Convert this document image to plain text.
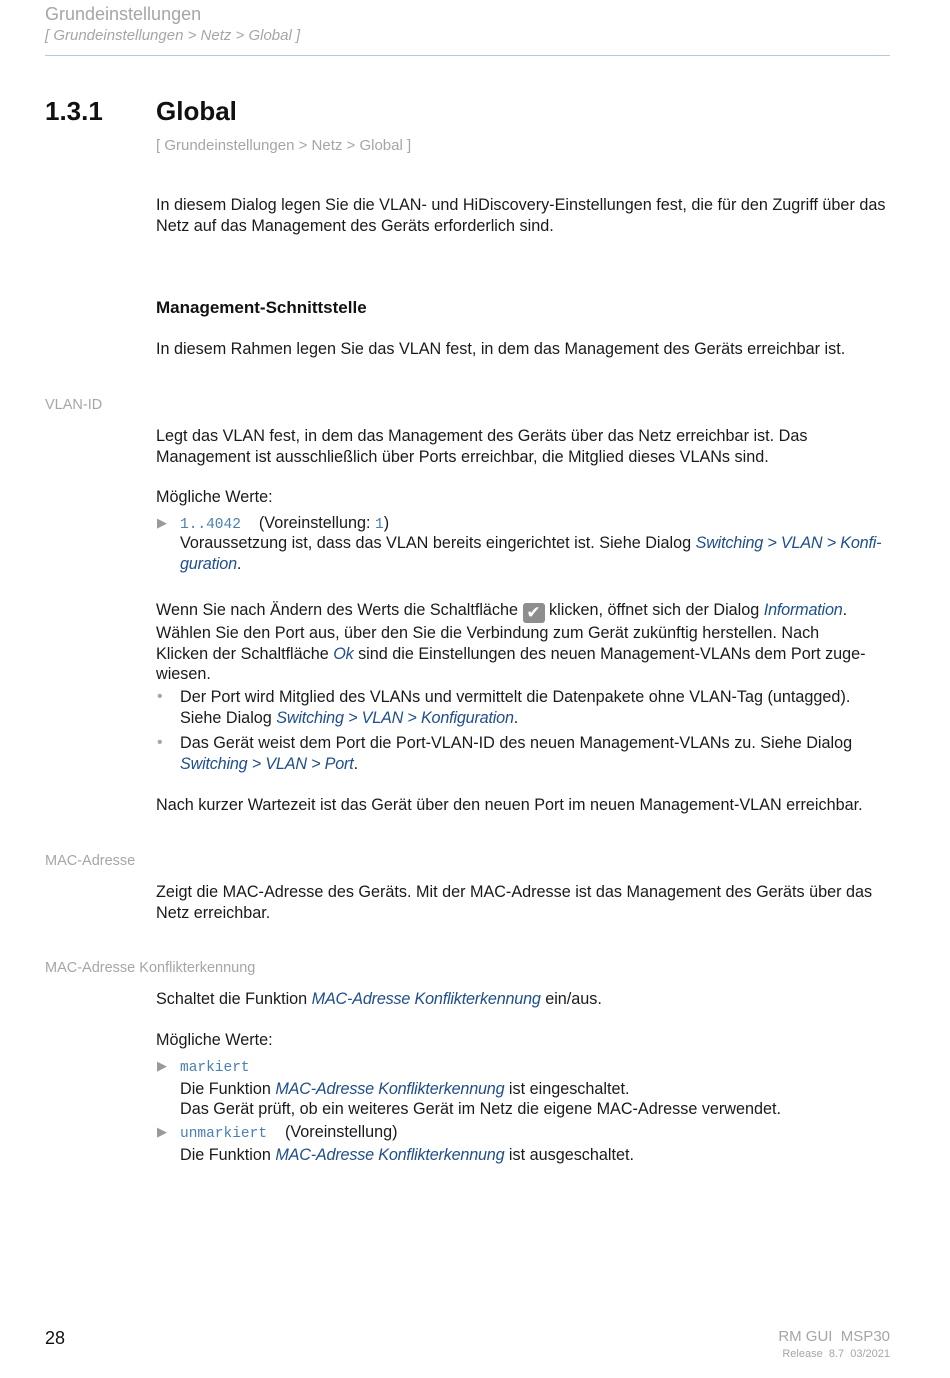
Grundeinstellungen
[ Grundeinstellungen > Netz > Global ]
1.3.1 Global
[ Grundeinstellungen > Netz > Global ]
In diesem Dialog legen Sie die VLAN- und HiDiscovery-Einstellungen fest, die für den Zugriff über das Netz auf das Management des Geräts erforderlich sind.
Management-Schnittstelle
In diesem Rahmen legen Sie das VLAN fest, in dem das Management des Geräts erreichbar ist.
VLAN-ID
Legt das VLAN fest, in dem das Management des Geräts über das Netz erreichbar ist. Das Management ist ausschließlich über Ports erreichbar, die Mitglied dieses VLANs sind.
Mögliche Werte:
▶ 1..4042 (Voreinstellung: 1)
Voraussetzung ist, dass das VLAN bereits eingerichtet ist. Siehe Dialog Switching > VLAN > Konfi-
guration.
Wenn Sie nach Ändern des Werts die Schaltfläche ✔ klicken, öffnet sich der Dialog Information.
Wählen Sie den Port aus, über den Sie die Verbindung zum Gerät zukünftig herstellen. Nach
Klicken der Schaltfläche Ok sind die Einstellungen des neuen Management-VLANs dem Port zuge-
wiesen.
• Der Port wird Mitglied des VLANs und vermittelt die Datenpakete ohne VLAN-Tag (untagged).
Siehe Dialog Switching > VLAN > Konfiguration.
• Das Gerät weist dem Port die Port-VLAN-ID des neuen Management-VLANs zu. Siehe Dialog
Switching > VLAN > Port.
Nach kurzer Wartezeit ist das Gerät über den neuen Port im neuen Management-VLAN erreichbar.
MAC-Adresse
Zeigt die MAC-Adresse des Geräts. Mit der MAC-Adresse ist das Management des Geräts über das Netz erreichbar.
MAC-Adresse Konflikterkennung
Schaltet die Funktion MAC-Adresse Konflikterkennung ein/aus.
Mögliche Werte:
▶ markiert
Die Funktion MAC-Adresse Konflikterkennung ist eingeschaltet.
Das Gerät prüft, ob ein weiteres Gerät im Netz die eigene MAC-Adresse verwendet.
▶ unmarkiert (Voreinstellung)
Die Funktion MAC-Adresse Konflikterkennung ist ausgeschaltet.
28	RM GUI  MSP30
Release  8.7  03/2021
